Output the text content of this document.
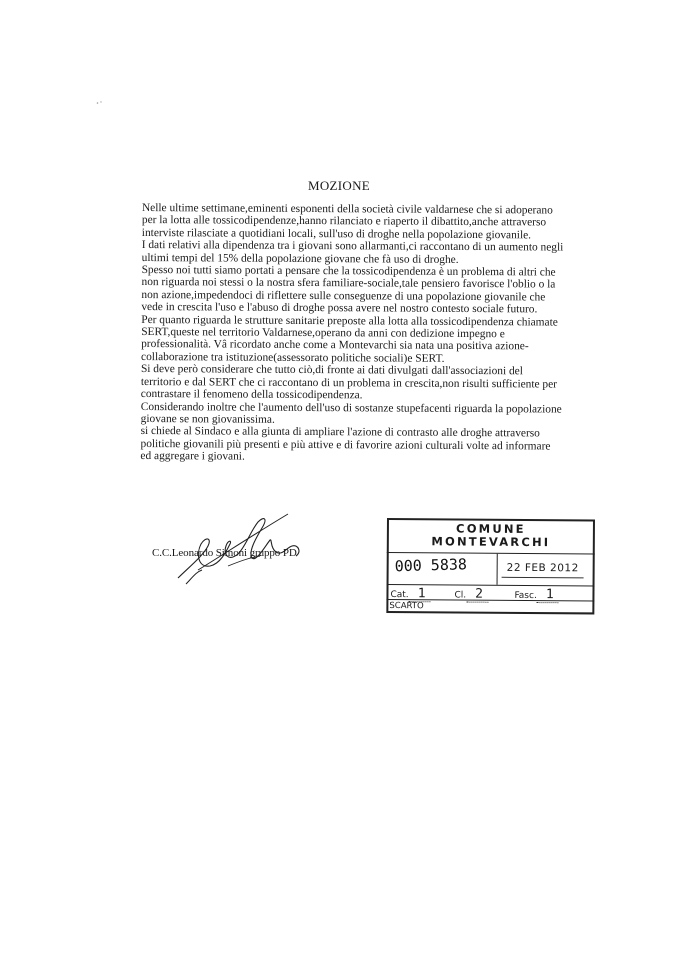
MOZIONE

Nelle ultime settimane,eminenti esponenti della società civile valdarnese che si adoperano
per la lotta alle tossicodipendenze,hanno rilanciato e riaperto il dibattito,anche attraverso
interviste rilasciate a quotidiani locali, sull'uso di droghe nella popolazione giovanile.

I dati relativi alla dipendenza tra i giovani sono allarmanti,ci raccontano di un aumento negli
ultimi tempi del 15% della popolazione giovane che fà uso di droghe.

Spesso noi tutti siamo portati a pensare che la tossicodipendenza è un problema di altri che
non riguarda noi stessi o la nostra sfera familiare-sociale,tale pensiero favorisce l'oblio o la
non azione,impedendoci di riflettere sulle conseguenze di una popolazione giovanile che
vede in crescita l'uso e l'abuso di droghe possa avere nel nostro contesto sociale futuro.

Per quanto riguarda le strutture sanitarie preposte alla lotta alla tossicodipendenza chiamate
SERT,queste nel territorio Valdarnese,operano da anni con dedizione impegno e
professionalità. Vâ ricordato anche come a Montevarchi sia nata una positiva azione-
collaborazione tra istituzione(assessorato politiche sociali)e SERT.

Si deve però considerare che tutto ciò,di fronte ai dati divulgati dall'associazioni del
territorio e dal SERT che ci raccontano di un problema in crescita,non risulti sufficiente per
contrastare il fenomeno della tossicodipendenza.

Considerando inoltre che l'aumento dell'uso di sostanze stupefacenti riguarda la popolazione
giovane se non giovanissima.

si chiede al Sindaco e alla giunta di ampliare l'azione di contrasto alle droghe attraverso
politiche giovanili più presenti e più attive e di favorire azioni culturali volte ad informare
ed aggregare i giovani.

C.C.Leonardo Simoni gruppo PD
COMUNE
MONTEVARCHI
000 5838	22 FEB 2012
Cat. 1	Cl. 2	Fasc. 1
SCARTO
